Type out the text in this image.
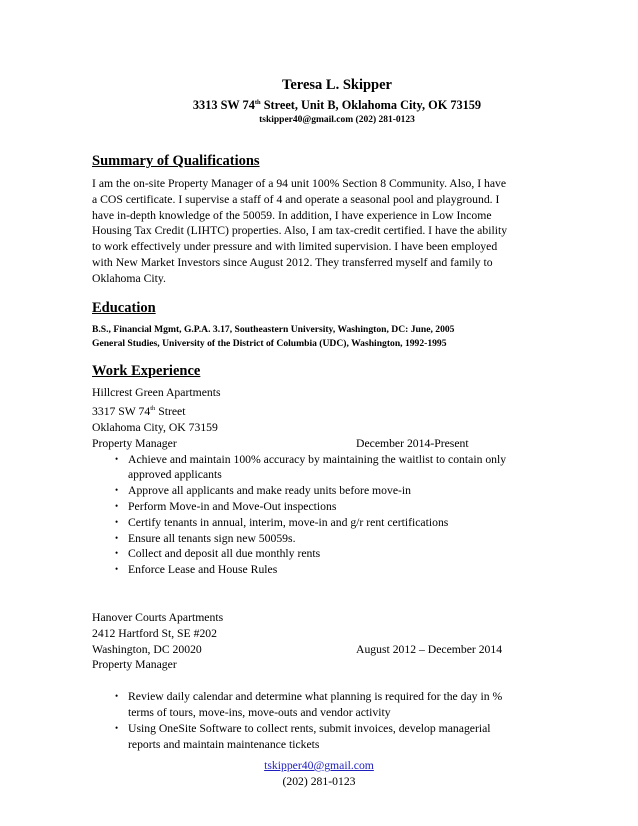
Teresa L. Skipper
3313 SW 74th Street, Unit B, Oklahoma City, OK 73159
tskipper40@gmail.com (202) 281-0123
Summary of Qualifications
I am the on-site Property Manager of a 94 unit 100% Section 8 Community. Also, I have
a COS certificate. I supervise a staff of 4 and operate a seasonal pool and playground. I
have in-depth knowledge of the 50059. In addition, I have experience in Low Income
Housing Tax Credit (LIHTC) properties. Also, I am tax-credit certified. I have the ability
to work effectively under pressure and with limited supervision. I have been employed
with New Market Investors since August 2012. They transferred myself and family to
Oklahoma City.
Education
B.S., Financial Mgmt, G.P.A. 3.17, Southeastern University, Washington, DC: June, 2005
General Studies, University of the District of Columbia (UDC), Washington, 1992-1995
Work Experience
Hillcrest Green Apartments
3317 SW 74th Street
Oklahoma City, OK 73159
Property Manager	December 2014-Present
• Achieve and maintain 100% accuracy by maintaining the waitlist to contain only
approved applicants
• Approve all applicants and make ready units before move-in
• Perform Move-in and Move-Out inspections
• Certify tenants in annual, interim, move-in and g/r rent certifications
• Ensure all tenants sign new 50059s.
• Collect and deposit all due monthly rents
• Enforce Lease and House Rules
Hanover Courts Apartments
2412 Hartford St, SE #202
Washington, DC 20020	August 2012 – December 2014
Property Manager
• Review daily calendar and determine what planning is required for the day in %
terms of tours, move-ins, move-outs and vendor activity
• Using OneSite Software to collect rents, submit invoices, develop managerial
reports and maintain maintenance tickets
tskipper40@gmail.com
(202) 281-0123
